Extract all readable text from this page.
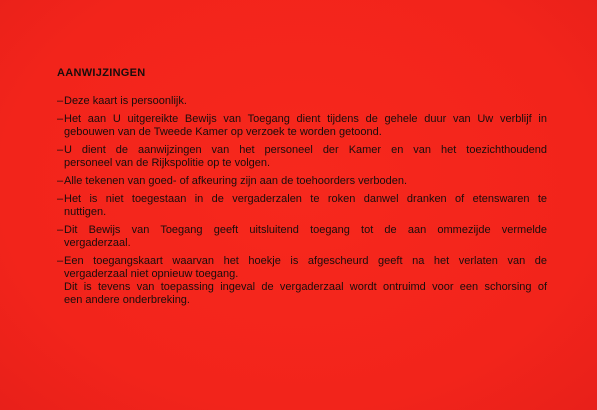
AANWIJZINGEN
– Deze kaart is persoonlijk.
– Het aan U uitgereikte Bewijs van Toegang dient tijdens de gehele duur van Uw verblijf in
gebouwen van de Tweede Kamer op verzoek te worden getoond.
– U dient de aanwijzingen van het personeel der Kamer en van het toezichthoudend
personeel van de Rijkspolitie op te volgen.
– Alle tekenen van goed- of afkeuring zijn aan de toehoorders verboden.
– Het is niet toegestaan in de vergaderzalen te roken danwel dranken of etenswaren te
nuttigen.
– Dit Bewijs van Toegang geeft uitsluitend toegang tot de aan ommezijde vermelde
vergaderzaal.
– Een toegangskaart waarvan het hoekje is afgescheurd geeft na het verlaten van de
vergaderzaal niet opnieuw toegang.
Dit is tevens van toepassing ingeval de vergaderzaal wordt ontruimd voor een schorsing of
een andere onderbreking.
